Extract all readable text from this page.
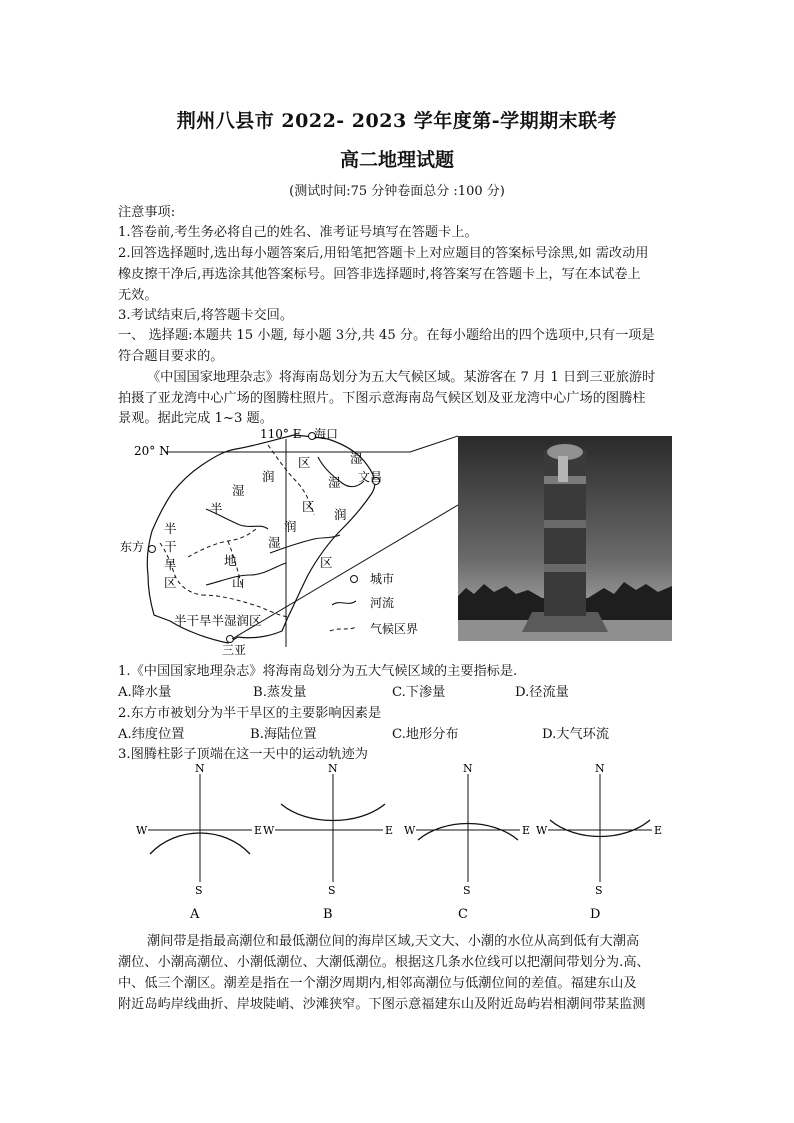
荆州八县市 2022- 2023 学年度第-学期期末联考
高二地理试题
(测试时间:75 分钟卷面总分 :100 分)
注意事项:
1.答卷前,考生务必将自己的姓名、准考证号填写在答题卡上。
2.回答选择题时,选出每小题答案后,用铅笔把答题卡上对应题目的答案标号涂黑,如 需改动用
橡皮擦干净后,再选涂其他答案标号。回答非选择题时,将答案写在答题卡上，写在本试卷上
无效。
3.考试结束后,将答题卡交回。
一、 选择题:本题共 15 小题, 每小题 3分,共 45 分。在每小题给出的四个选项中,只有一项是
符合题目要求的。
《中国国家地理杂志》将海南岛划分为五大气候区域。某游客在 7 月 1 日到三亚旅游时
拍摄了亚龙湾中心广场的图腾柱照片。下图示意海南岛气候区划及亚龙湾中心广场的图腾柱
景观。据此完成 1~3 题。
20° N
110° E 海口
文昌
东方
三亚
湿
润
区
湿
半
湿
润
区
润
半
干
旱
区
湿
地	区
山
半干旱半湿润区
城市
河流
气候区界
1.《中国国家地理杂志》将海南岛划分为五大气候区域的主要指标是.
A.降水量	B.蒸发量	C.下渗量	D.径流量
2.东方市被划分为半干旱区的主要影响因素是
A.纬度位置	B.海陆位置	C.地形分布	D.大气环流
3.图腾柱影子顶端在这一天中的运动轨迹为
N
S
W	E
A
N
S
W	E
B
N
S
W	E
C
N
S
W	E
D
潮间带是指最高潮位和最低潮位间的海岸区域,天文大、小潮的水位从高到低有大潮高
潮位、小潮高潮位、小潮低潮位、大潮低潮位。根据这几条水位线可以把潮间带划分为.高、
中、低三个潮区。潮差是指在一个潮汐周期内,相邻高潮位与低潮位间的差值。福建东山及
附近岛屿岸线曲折、岸坡陡峭、沙滩狭窄。下图示意福建东山及附近岛屿岩相潮间带某监测
